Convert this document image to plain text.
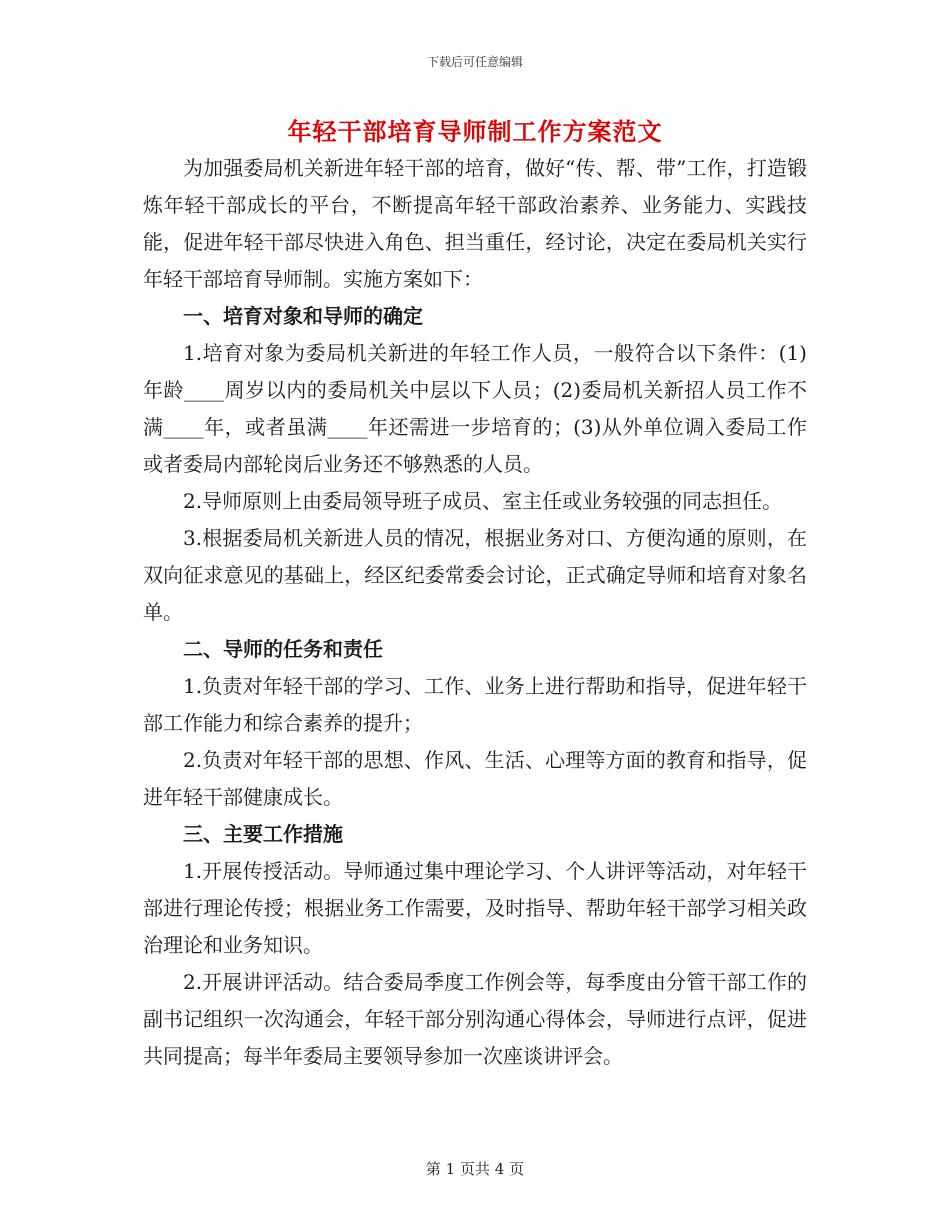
下载后可任意编辑
年轻干部培育导师制工作方案范文

为加强委局机关新进年轻干部的培育，做好“传、帮、带”工作，打造锻炼年轻干部成长的平台，不断提高年轻干部政治素养、业务能力、实践技能，促进年轻干部尽快进入角色、担当重任，经讨论，决定在委局机关实行年轻干部培育导师制。实施方案如下：

一、培育对象和导师的确定

1.培育对象为委局机关新进的年轻工作人员，一般符合以下条件：(1)年龄____周岁以内的委局机关中层以下人员；(2)委局机关新招人员工作不满____年，或者虽满____年还需进一步培育的；(3)从外单位调入委局工作或者委局内部轮岗后业务还不够熟悉的人员。

2.导师原则上由委局领导班子成员、室主任或业务较强的同志担任。

3.根据委局机关新进人员的情况，根据业务对口、方便沟通的原则，在双向征求意见的基础上，经区纪委常委会讨论，正式确定导师和培育对象名单。

二、导师的任务和责任

1.负责对年轻干部的学习、工作、业务上进行帮助和指导，促进年轻干部工作能力和综合素养的提升；

2.负责对年轻干部的思想、作风、生活、心理等方面的教育和指导，促进年轻干部健康成长。

三、主要工作措施

1.开展传授活动。导师通过集中理论学习、个人讲评等活动，对年轻干部进行理论传授；根据业务工作需要，及时指导、帮助年轻干部学习相关政治理论和业务知识。

2.开展讲评活动。结合委局季度工作例会等，每季度由分管干部工作的副书记组织一次沟通会，年轻干部分别沟通心得体会，导师进行点评，促进共同提高；每半年委局主要领导参加一次座谈讲评会。

第 1 页共 4 页
